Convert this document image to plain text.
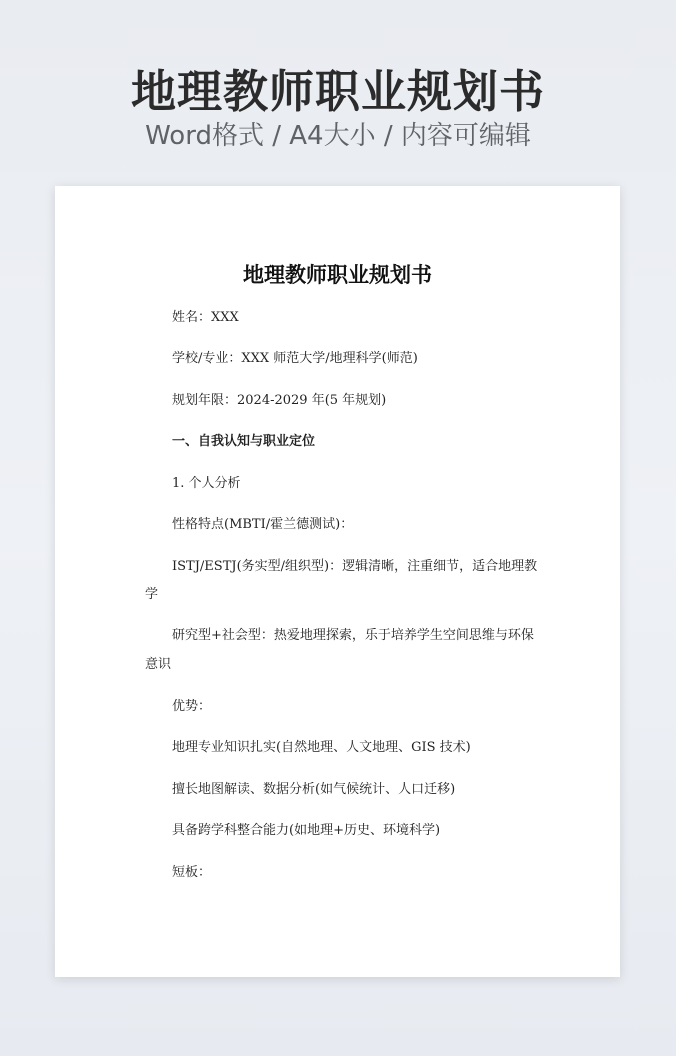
地理教师职业规划书
Word格式 / A4大小 / 内容可编辑
地理教师职业规划书
姓名：XXX
学校/专业：XXX 师范大学/地理科学(师范)
规划年限：2024-2029 年(5 年规划)
一、自我认知与职业定位
1. 个人分析
性格特点(MBTI/霍兰德测试)：
ISTJ/ESTJ(务实型/组织型)：逻辑清晰，注重细节，适合地理教
学
研究型+社会型：热爱地理探索，乐于培养学生空间思维与环保
意识
优势：
地理专业知识扎实(自然地理、人文地理、GIS 技术)
擅长地图解读、数据分析(如气候统计、人口迁移)
具备跨学科整合能力(如地理+历史、环境科学)
短板：
